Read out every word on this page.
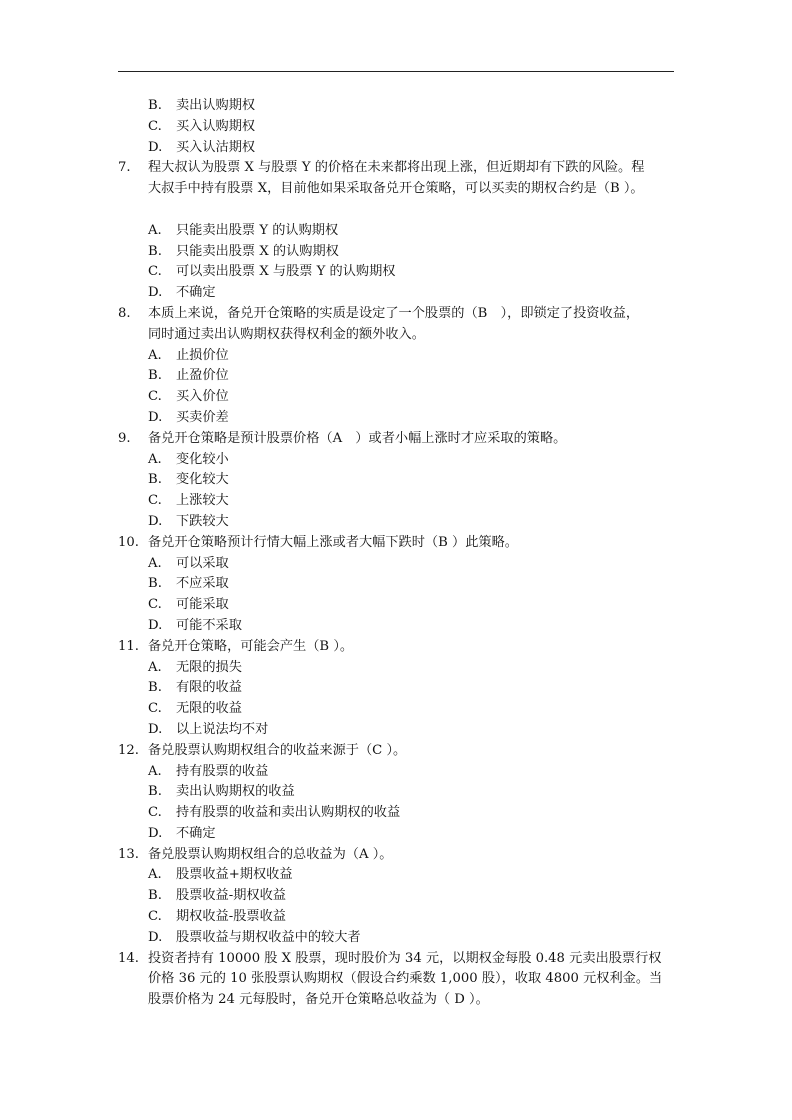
B.	卖出认购期权
C.	买入认购期权
D.	买入认沽期权
7.	程大叔认为股票 X 与股票 Y 的价格在未来都将出现上涨，但近期却有下跌的风险。程
大叔手中持有股票 X，目前他如果采取备兑开仓策略，可以买卖的期权合约是（B ）。
A.	只能卖出股票 Y 的认购期权
B.	只能卖出股票 X 的认购期权
C.	可以卖出股票 X 与股票 Y 的认购期权
D.	不确定
8.	本质上来说，备兑开仓策略的实质是设定了一个股票的（B　），即锁定了投资收益，
同时通过卖出认购期权获得权利金的额外收入。
A.	止损价位
B.	止盈价位
C.	买入价位
D.	买卖价差
9.	备兑开仓策略是预计股票价格（A　）或者小幅上涨时才应采取的策略。
A.	变化较小
B.	变化较大
C.	上涨较大
D.	下跌较大
10. 备兑开仓策略预计行情大幅上涨或者大幅下跌时（B ）此策略。
A.	可以采取
B.	不应采取
C.	可能采取
D.	可能不采取
11. 备兑开仓策略，可能会产生（B ）。
A.	无限的损失
B.	有限的收益
C.	无限的收益
D.	以上说法均不对
12. 备兑股票认购期权组合的收益来源于（C ）。
A.	持有股票的收益
B.	卖出认购期权的收益
C.	持有股票的收益和卖出认购期权的收益
D.	不确定
13. 备兑股票认购期权组合的总收益为（A ）。
A.	股票收益+期权收益
B.	股票收益-期权收益
C.	期权收益-股票收益
D.	股票收益与期权收益中的较大者
14. 投资者持有 10000 股 X 股票，现时股价为 34 元，以期权金每股 0.48 元卖出股票行权
价格 36 元的 10 张股票认购期权（假设合约乘数 1,000 股），收取 4800 元权利金。当
股票价格为 24 元每股时，备兑开仓策略总收益为（ D ）。
